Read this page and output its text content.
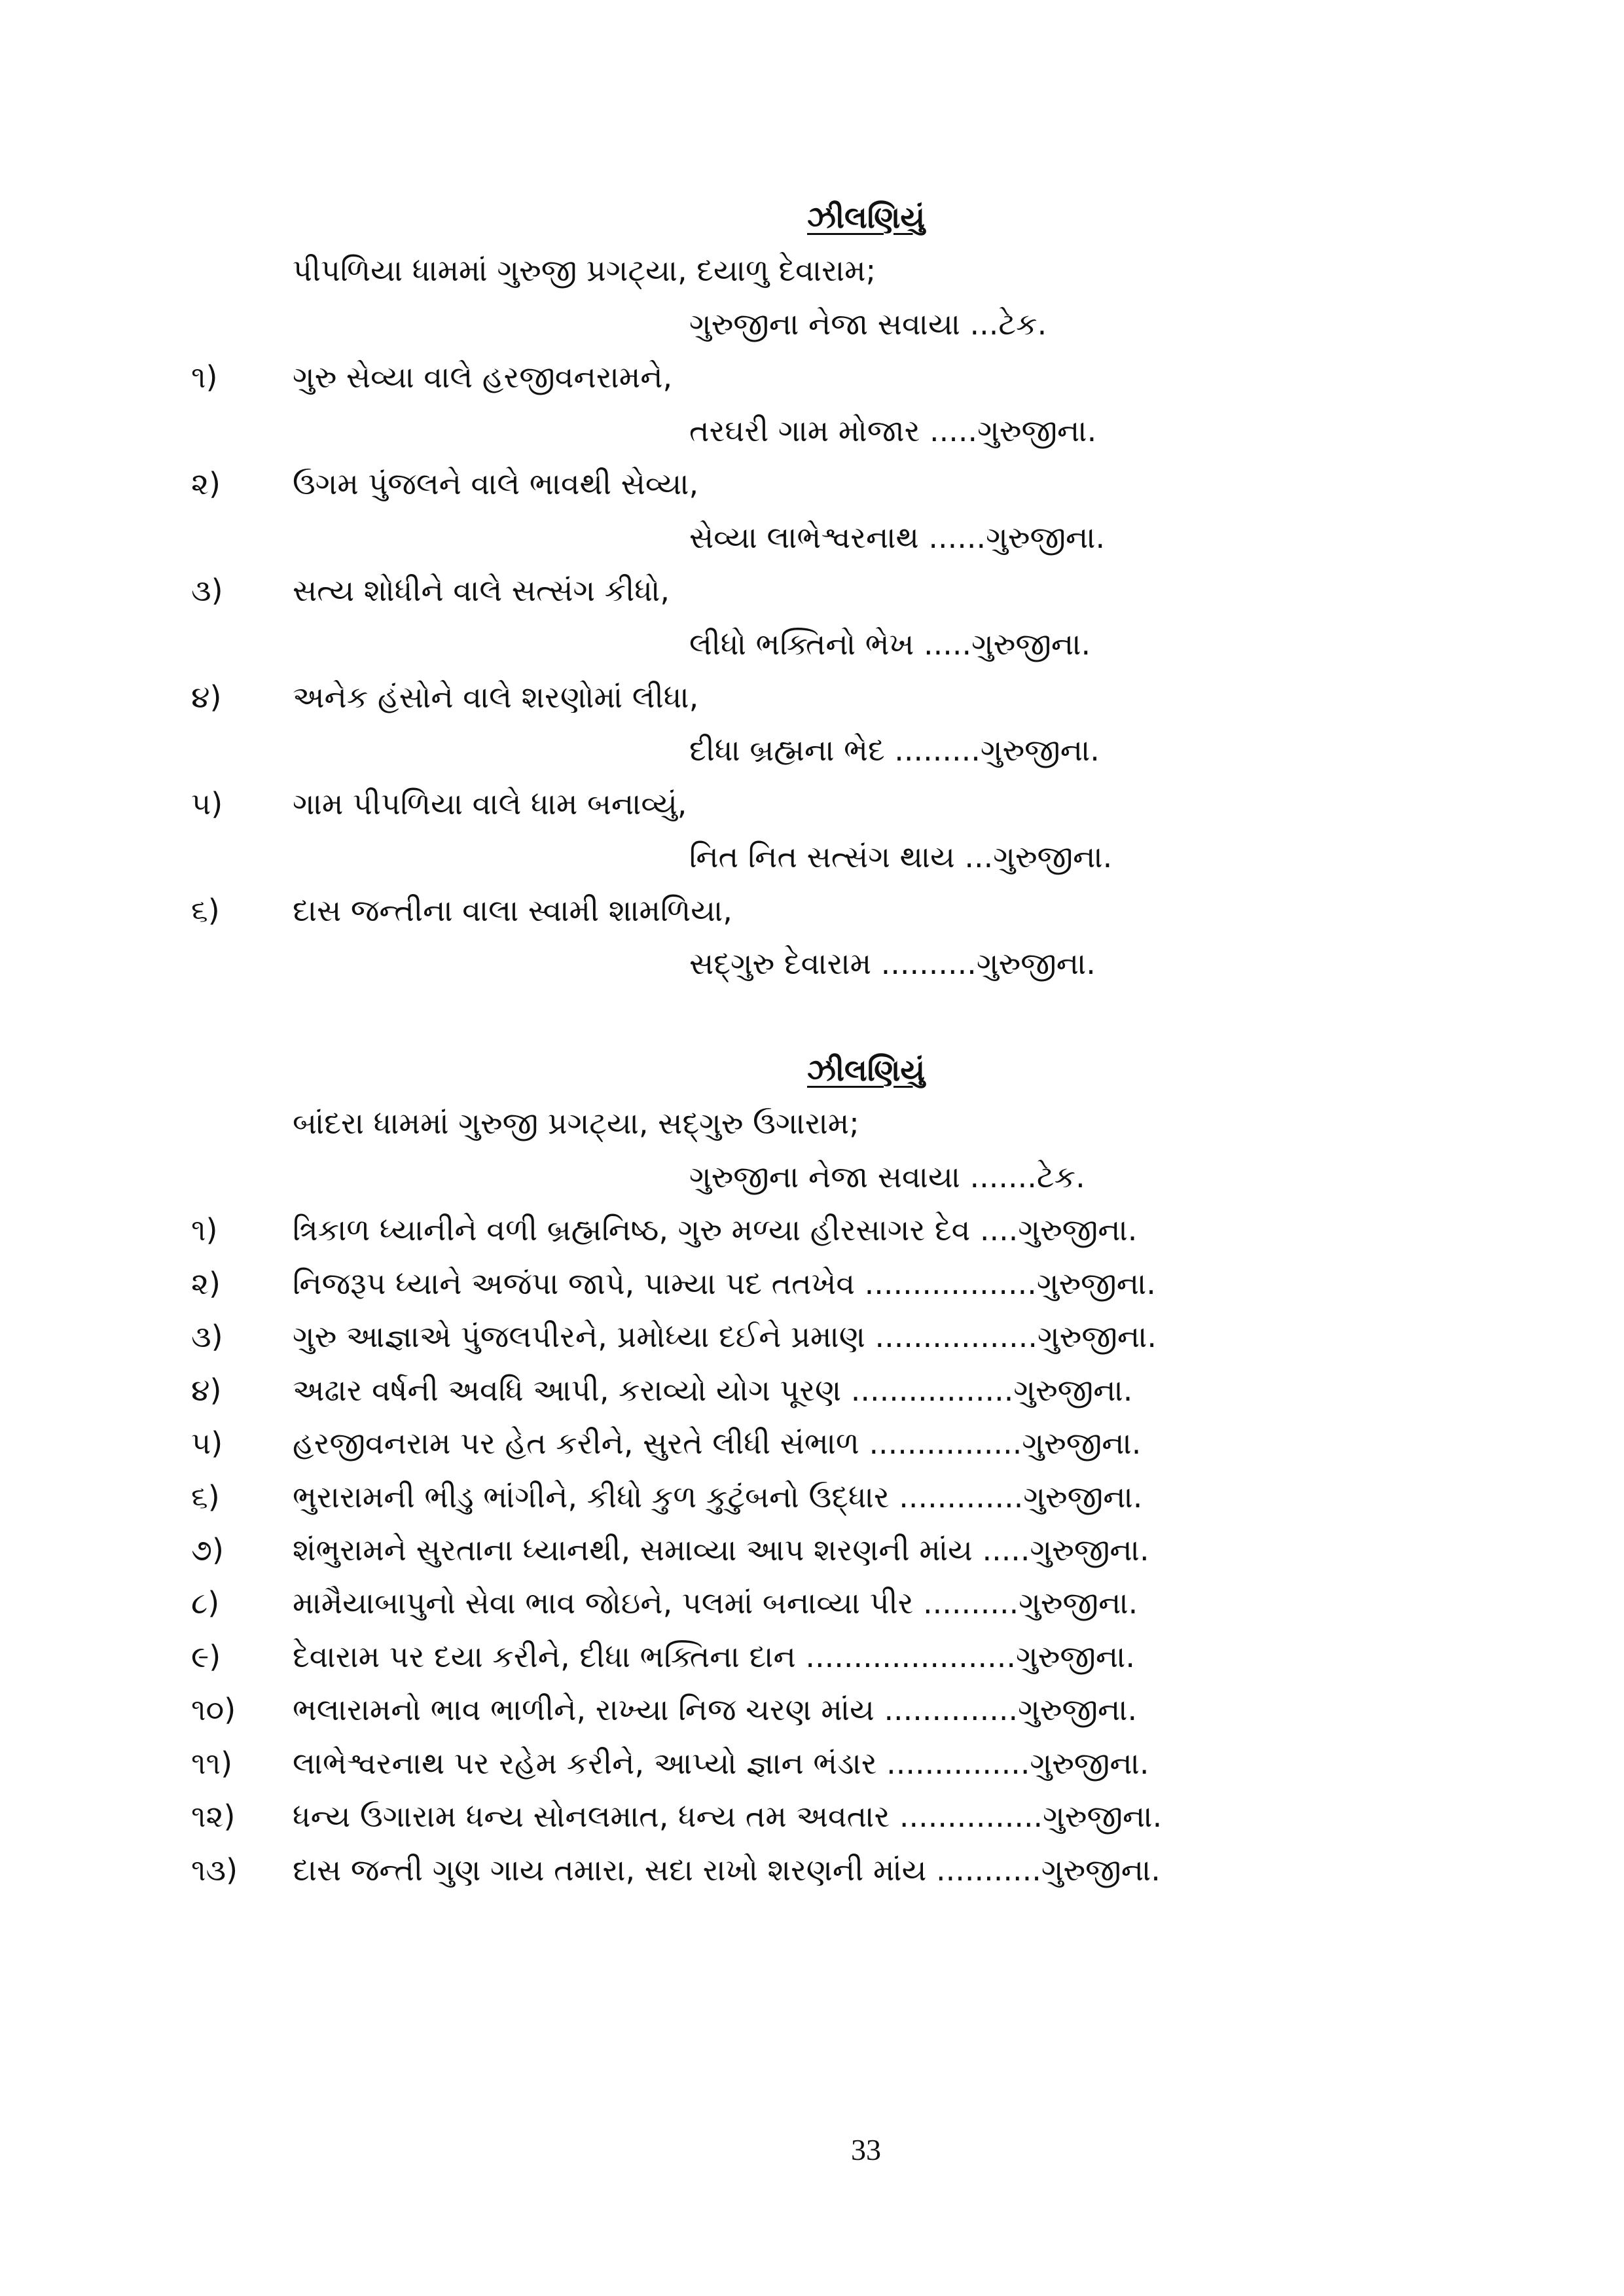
ઝીલણિયું
પીપળિયા ધામમાં ગુરુજી પ્રગટ્યા, દયાળુ દેવારામ;
ગુરુજીના નેજા સવાયા ...ટેક.
૧) ગુરુ સેવ્યા વાલે હરજીવનરામને,
તરઘરી ગામ મોજાર .....ગુરુજીના.
૨) ઉગમ પુંજલને વાલે ભાવથી સેવ્યા,
સેવ્યા લાભેશ્વરનાથ ......ગુરુજીના.
૩) સત્ય શોધીને વાલે સત્સંગ કીધો,
લીધો ભક્તિનો ભેખ .....ગુરુજીના.
૪) અનેક હંસોને વાલે શરણોમાં લીધા,
દીધા બ્રહ્મના ભેદ .........ગુરુજીના.
૫) ગામ પીપળિયા વાલે ધામ બનાવ્યું,
નિત નિત સત્સંગ થાય ...ગુરુજીના.
૬) દાસ જન્તીના વાલા સ્વામી શામળિયા,
સદ્ગુરુ દેવારામ ..........ગુરુજીના.
ઝીલણિયું
બાંદરા ધામમાં ગુરુજી પ્રગટ્યા, સદ્ગુરુ ઉગારામ;
ગુરુજીના નેજા સવાયા .......ટેક.
૧) ત્રિકાળ ધ્યાનીને વળી બ્રહ્મનિષ્ઠ, ગુરુ મળ્યા હીરસાગર દેવ ....ગુરુજીના.
૨) નિજરૂપ ધ્યાને અજંપા જાપે, પામ્યા પદ તતખેવ ..................ગુરુજીના.
૩) ગુરુ આજ્ઞાએ પુંજલપીરને, પ્રમોધ્યા દઈને પ્રમાણ .................ગુરુજીના.
૪) અઢાર વર્ષની અવધિ આપી, કરાવ્યો યોગ પૂરણ .................ગુરુજીના.
૫) હરજીવનરામ પર હેત કરીને, સુરતે લીધી સંભાળ ................ગુરુજીના.
૬) ભુરારામની ભીડુ ભાંગીને, કીધો કુળ કુટુંબનો ઉદ્ધાર .............ગુરુજીના.
૭) શંભુરામને સુરતાના ધ્યાનથી, સમાવ્યા આપ શરણની માંય .....ગુરુજીના.
૮) મામૈયાબાપુનો સેવા ભાવ જોઇને, પલમાં બનાવ્યા પીર ..........ગુરુજીના.
૯) દેવારામ પર દયા કરીને, દીધા ભક્તિના દાન ......................ગુરુજીના.
૧૦) ભલારામનો ભાવ ભાળીને, રાખ્યા નિજ ચરણ માંય ..............ગુરુજીના.
૧૧) લાભેશ્વરનાથ પર રહેમ કરીને, આપ્યો જ્ઞાન ભંડાર ...............ગુરુજીના.
૧૨) ધન્ય ઉગારામ ધન્ય સોનલમાત, ધન્ય તમ અવતાર ...............ગુરુજીના.
૧૩) દાસ જન્તી ગુણ ગાય તમારા, સદા રાખો શરણની માંય ...........ગુરુજીના.
33
